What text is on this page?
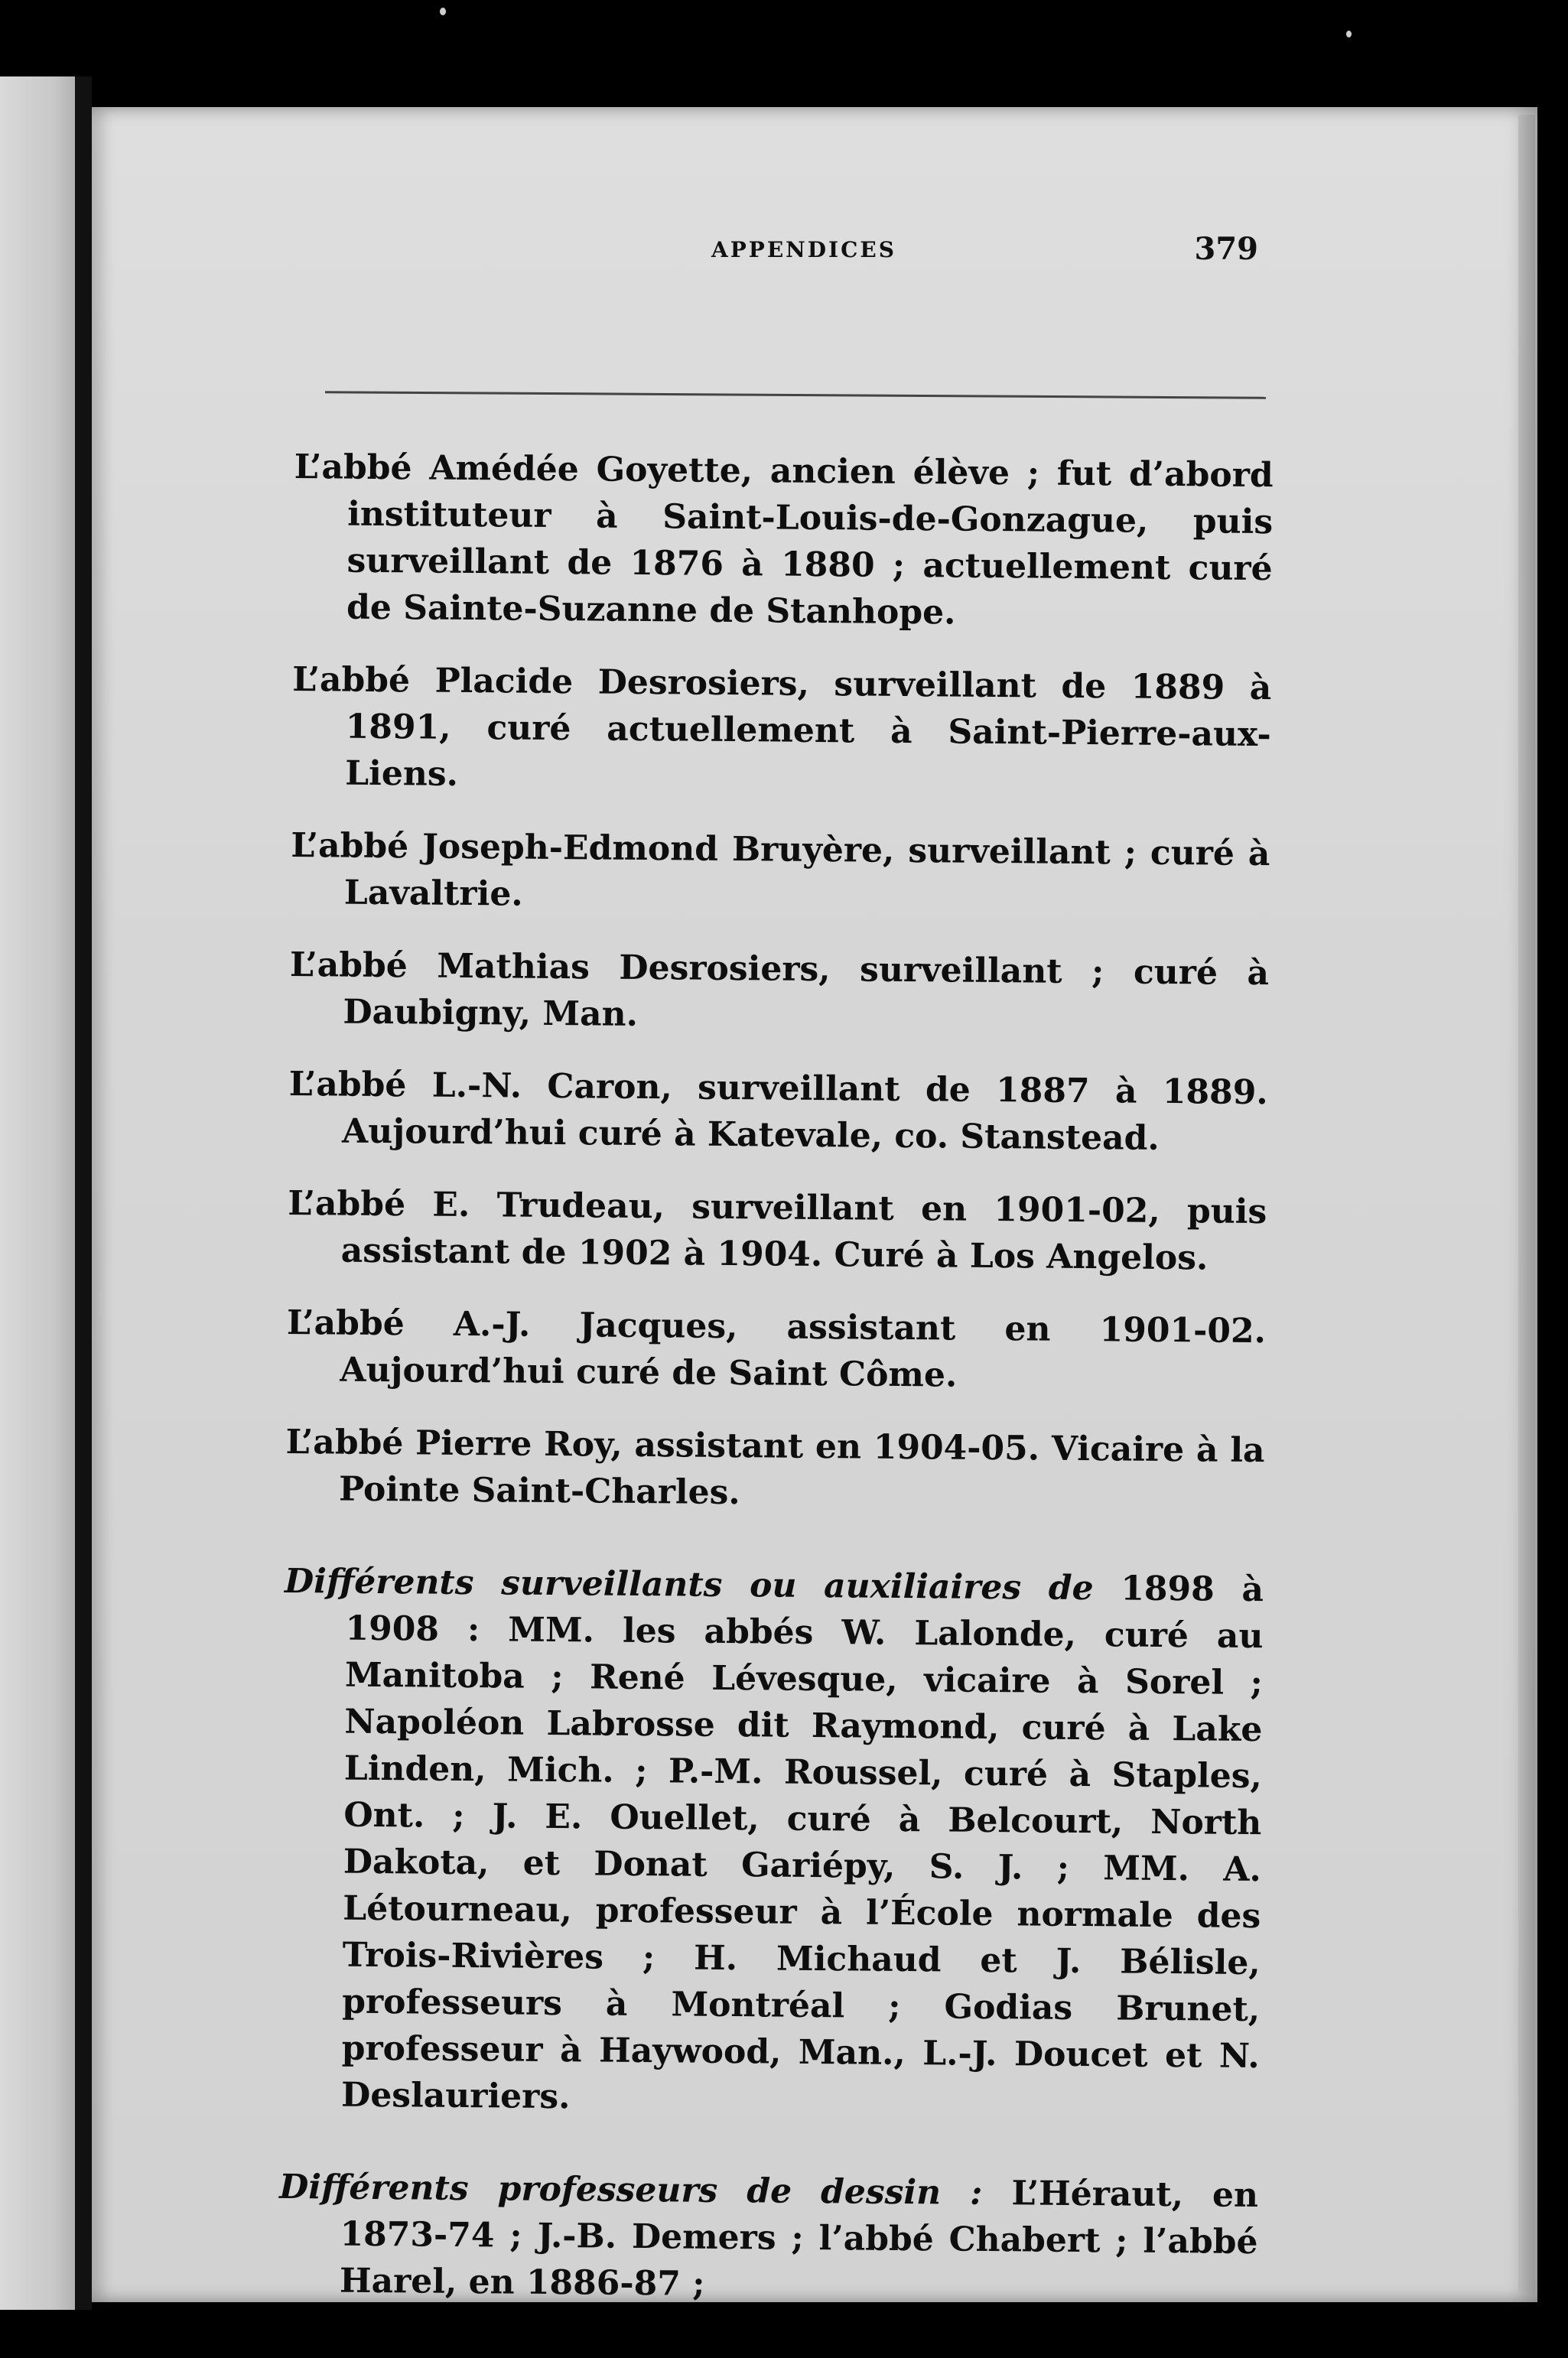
APPENDICES	379

L’abbé Amédée Goyette, ancien élève ; fut d’abord instituteur à Saint-Louis-de-Gonzague, puis surveillant de 1876 à 1880 ; actuellement curé de Sainte-Suzanne de Stanhope.

L’abbé Placide Desrosiers, surveillant de 1889 à 1891, curé actuellement à Saint-Pierre-aux-Liens.

L’abbé Joseph-Edmond Bruyère, surveillant ; curé à Lavaltrie.

L’abbé Mathias Desrosiers, surveillant ; curé à Daubigny, Man.

L’abbé L.-N. Caron, surveillant de 1887 à 1889. Aujourd’hui curé à Katevale, co. Stanstead.

L’abbé E. Trudeau, surveillant en 1901-02, puis assistant de 1902 à 1904. Curé à Los Angelos.

L’abbé A.-J. Jacques, assistant en 1901-02. Aujourd’hui curé de Saint Côme.

L’abbé Pierre Roy, assistant en 1904-05. Vicaire à la Pointe Saint-Charles.

Différents surveillants ou auxiliaires de 1898 à 1908 : MM. les abbés W. Lalonde, curé au Manitoba ; René Lévesque, vicaire à Sorel ; Napoléon Labrosse dit Raymond, curé à Lake Linden, Mich. ; P.-M. Roussel, curé à Staples, Ont. ; J. E. Ouellet, curé à Belcourt, North Dakota, et Donat Gariépy, S. J. ; MM. A. Létourneau, professeur à l’École normale des Trois-Rivières ; H. Michaud et J. Bélisle, professeurs à Montréal ; Godias Brunet, professeur à Haywood, Man., L.-J. Doucet et N. Deslauriers.

Différents professeurs de dessin : L’Héraut, en 1873-74 ; J.-B. Demers ; l’abbé Chabert ; l’abbé Harel, en 1886-87 ;
